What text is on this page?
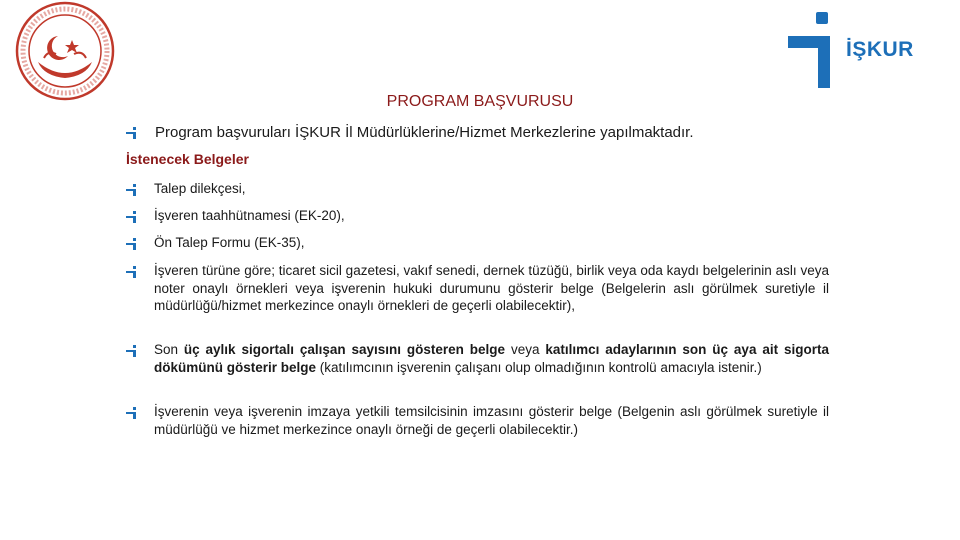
İŞKUR
PROGRAM BAŞVURUSU
Program başvuruları İŞKUR İl Müdürlüklerine/Hizmet Merkezlerine yapılmaktadır.
İstenecek Belgeler
Talep dilekçesi,
İşveren taahhütnamesi (EK-20),
Ön Talep Formu (EK-35),
İşveren türüne göre; ticaret sicil gazetesi, vakıf senedi, dernek tüzüğü, birlik veya oda kaydı belgelerinin aslı veya noter onaylı örnekleri veya işverenin hukuki durumunu gösterir belge (Belgelerin aslı görülmek suretiyle il müdürlüğü/hizmet merkezince onaylı örnekleri de geçerli olabilecektir),
Son üç aylık sigortalı çalışan sayısını gösteren belge veya katılımcı adaylarının son üç aya ait sigorta dökümünü gösterir belge (katılımcının işverenin çalışanı olup olmadığının kontrolü amacıyla istenir.)
İşverenin veya işverenin imzaya yetkili temsilcisinin imzasını gösterir belge (Belgenin aslı görülmek suretiyle il müdürlüğü ve hizmet merkezince onaylı örneği de geçerli olabilecektir.)
